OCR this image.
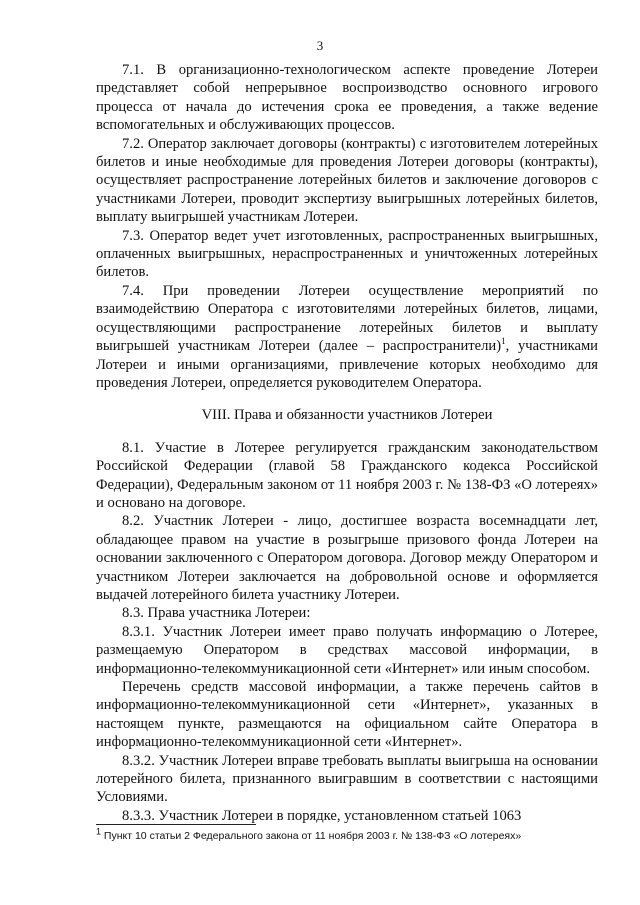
3

7.1. В организационно-технологическом аспекте проведение Лотереи представляет собой непрерывное воспроизводство основного игрового процесса от начала до истечения срока ее проведения, а также ведение вспомогательных и обслуживающих процессов.

7.2. Оператор заключает договоры (контракты) с изготовителем лотерейных билетов и иные необходимые для проведения Лотереи договоры (контракты), осуществляет распространение лотерейных билетов и заключение договоров с участниками Лотереи, проводит экспертизу выигрышных лотерейных билетов, выплату выигрышей участникам Лотереи.

7.3. Оператор ведет учет изготовленных, распространенных выигрышных, оплаченных выигрышных, нераспространенных и уничтоженных лотерейных билетов.

7.4. При проведении Лотереи осуществление мероприятий по взаимодействию Оператора с изготовителями лотерейных билетов, лицами, осуществляющими распространение лотерейных билетов и выплату выигрышей участникам Лотереи (далее – распространители)$^1$, участниками Лотереи и иными организациями, привлечение которых необходимо для проведения Лотереи, определяется руководителем Оператора.

VIII. Права и обязанности участников Лотереи

8.1. Участие в Лотерее регулируется гражданским законодательством Российской Федерации (главой 58 Гражданского кодекса Российской Федерации), Федеральным законом от 11 ноября 2003 г. № 138-ФЗ «О лотереях» и основано на договоре.

8.2. Участник Лотереи - лицо, достигшее возраста восемнадцати лет, обладающее правом на участие в розыгрыше призового фонда Лотереи на основании заключенного с Оператором договора. Договор между Оператором и участником Лотереи заключается на добровольной основе и оформляется выдачей лотерейного билета участнику Лотереи.

8.3. Права участника Лотереи:

8.3.1. Участник Лотереи имеет право получать информацию о Лотерее, размещаемую Оператором в средствах массовой информации, в информационно-телекоммуникационной сети «Интернет» или иным способом.

Перечень средств массовой информации, а также перечень сайтов в информационно-телекоммуникационной сети «Интернет», указанных в настоящем пункте, размещаются на официальном сайте Оператора в информационно-телекоммуникационной сети «Интернет».

8.3.2. Участник Лотереи вправе требовать выплаты выигрыша на основании лотерейного билета, признанного выигравшим в соответствии с настоящими Условиями.

8.3.3. Участник Лотереи в порядке, установленном статьей 1063

$^1$ Пункт 10 статьи 2 Федерального закона от 11 ноября 2003 г. № 138-ФЗ «О лотереях»
